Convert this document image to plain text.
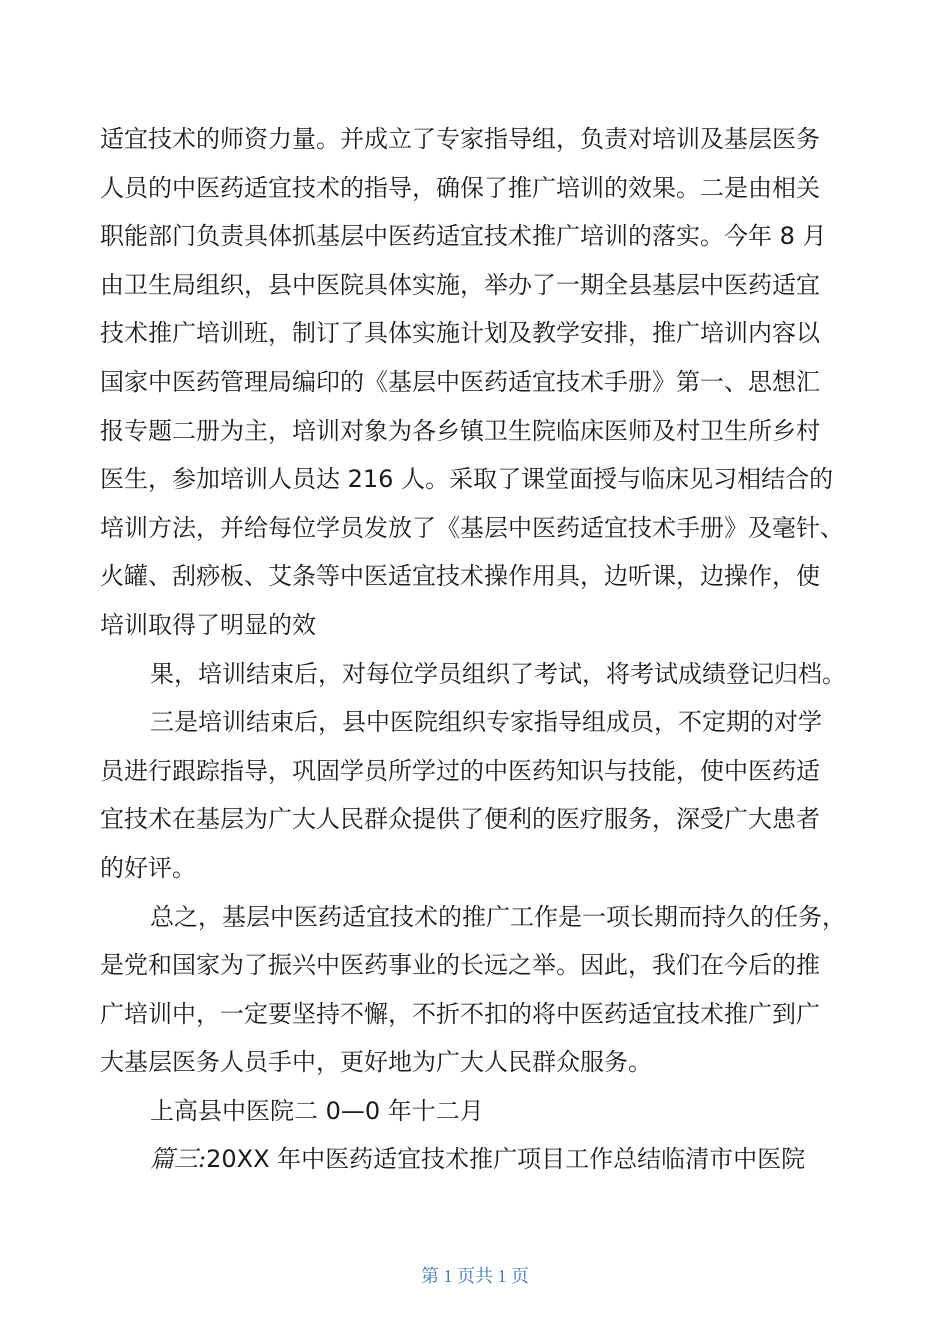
适宜技术的师资力量。并成立了专家指导组，负责对培训及基层医务
人员的中医药适宜技术的指导，确保了推广培训的效果。二是由相关
职能部门负责具体抓基层中医药适宜技术推广培训的落实。今年 8 月
由卫生局组织，县中医院具体实施，举办了一期全县基层中医药适宜
技术推广培训班，制订了具体实施计划及教学安排，推广培训内容以
国家中医药管理局编印的《基层中医药适宜技术手册》第一、思想汇
报专题二册为主，培训对象为各乡镇卫生院临床医师及村卫生所乡村
医生，参加培训人员达 216 人。采取了课堂面授与临床见习相结合的
培训方法，并给每位学员发放了《基层中医药适宜技术手册》及毫针、
火罐、刮痧板、艾条等中医适宜技术操作用具，边听课，边操作，使
培训取得了明显的效
果，培训结束后，对每位学员组织了考试，将考试成绩登记归档。
三是培训结束后，县中医院组织专家指导组成员，不定期的对学
员进行跟踪指导，巩固学员所学过的中医药知识与技能，使中医药适
宜技术在基层为广大人民群众提供了便利的医疗服务，深受广大患者
的好评。
总之，基层中医药适宜技术的推广工作是一项长期而持久的任务，
是党和国家为了振兴中医药事业的长远之举。因此，我们在今后的推
广培训中，一定要坚持不懈，不折不扣的将中医药适宜技术推广到广
大基层医务人员手中，更好地为广大人民群众服务。
上高县中医院二 0—0 年十二月
篇三:20XX 年中医药适宜技术推广项目工作总结临清市中医院
第 1 页共 1 页
